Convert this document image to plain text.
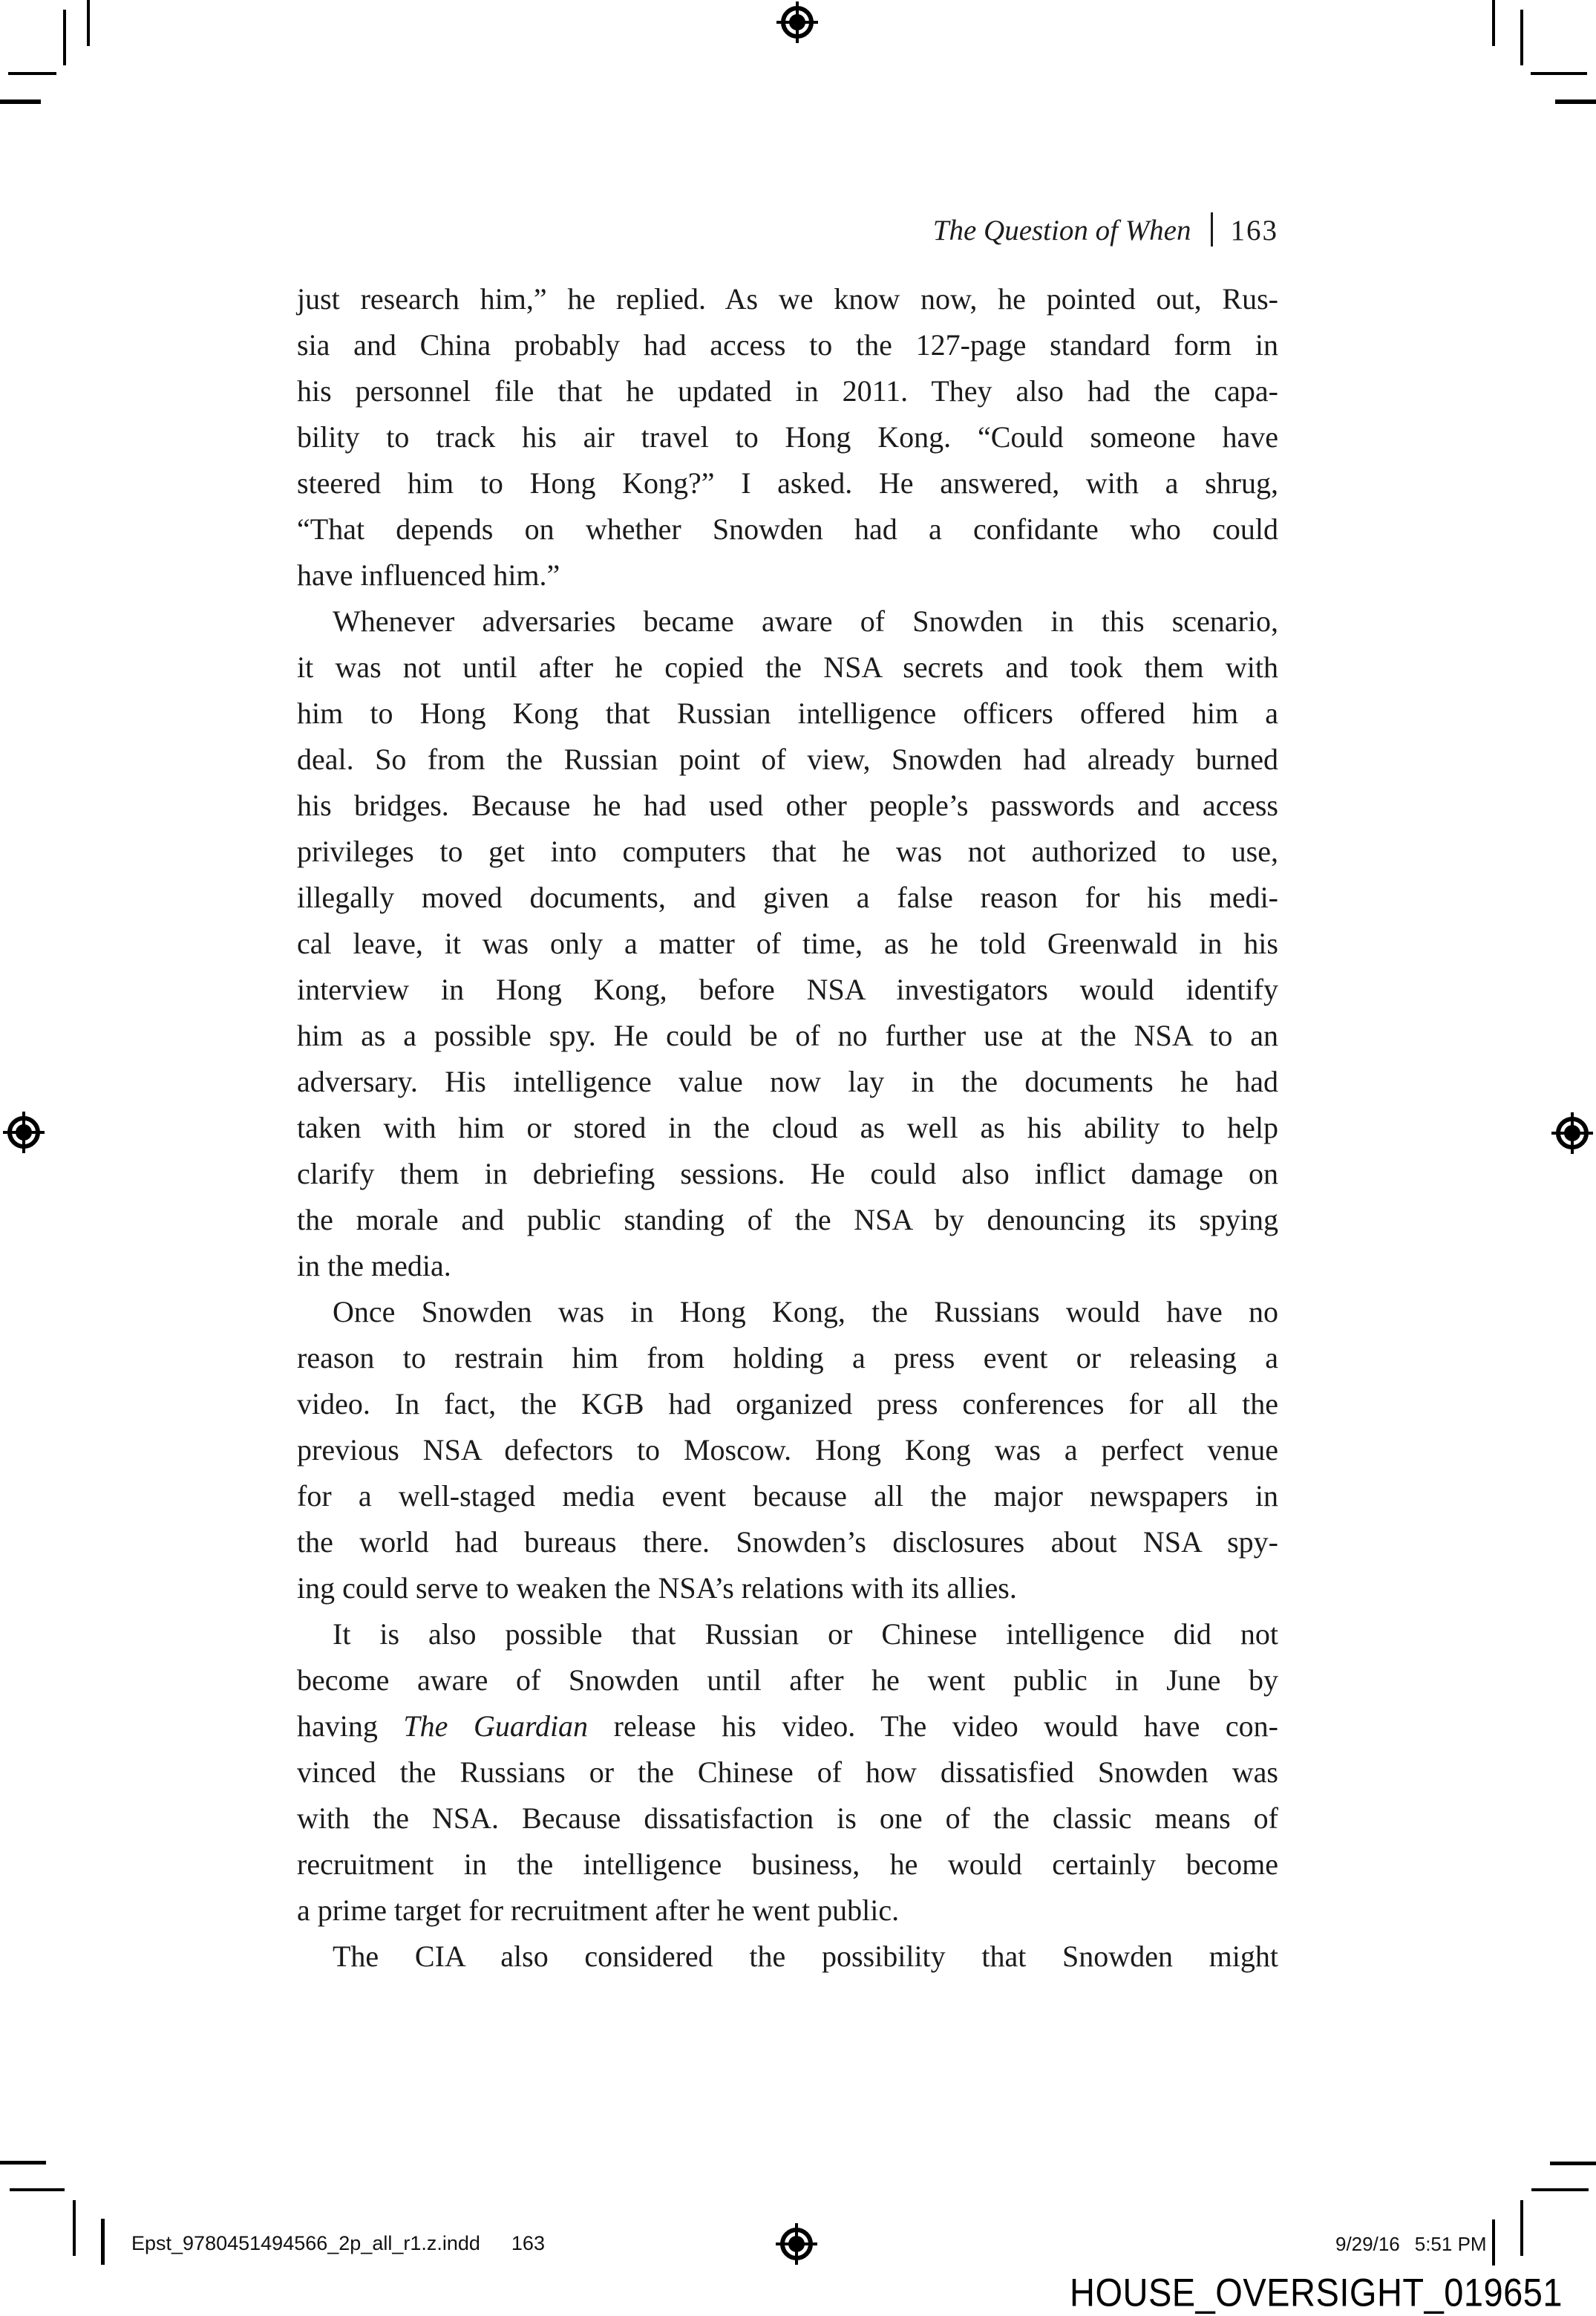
The Question of When 163
just research him,” he replied. As we know now, he pointed out, Rus-
sia and China probably had access to the 127-page standard form in
his personnel file that he updated in 2011. They also had the capa-
bility to track his air travel to Hong Kong. “Could someone have
steered him to Hong Kong?” I asked. He answered, with a shrug,
“That depends on whether Snowden had a confidante who could
have influenced him.”
Whenever adversaries became aware of Snowden in this scenario,
it was not until after he copied the NSA secrets and took them with
him to Hong Kong that Russian intelligence officers offered him a
deal. So from the Russian point of view, Snowden had already burned
his bridges. Because he had used other people’s passwords and access
privileges to get into computers that he was not authorized to use,
illegally moved documents, and given a false reason for his medi-
cal leave, it was only a matter of time, as he told Greenwald in his
interview in Hong Kong, before NSA investigators would identify
him as a possible spy. He could be of no further use at the NSA to an
adversary. His intelligence value now lay in the documents he had
taken with him or stored in the cloud as well as his ability to help
clarify them in debriefing sessions. He could also inflict damage on
the morale and public standing of the NSA by denouncing its spying
in the media.
Once Snowden was in Hong Kong, the Russians would have no
reason to restrain him from holding a press event or releasing a
video. In fact, the KGB had organized press conferences for all the
previous NSA defectors to Moscow. Hong Kong was a perfect venue
for a well-staged media event because all the major newspapers in
the world had bureaus there. Snowden’s disclosures about NSA spy-
ing could serve to weaken the NSA’s relations with its allies.
It is also possible that Russian or Chinese intelligence did not
become aware of Snowden until after he went public in June by
having The Guardian release his video. The video would have con-
vinced the Russians or the Chinese of how dissatisfied Snowden was
with the NSA. Because dissatisfaction is one of the classic means of
recruitment in the intelligence business, he would certainly become
a prime target for recruitment after he went public.
The CIA also considered the possibility that Snowden might
Epst_9780451494566_2p_all_r1.z.indd 163	9/29/16 5:51 PM
HOUSE_OVERSIGHT_019651
